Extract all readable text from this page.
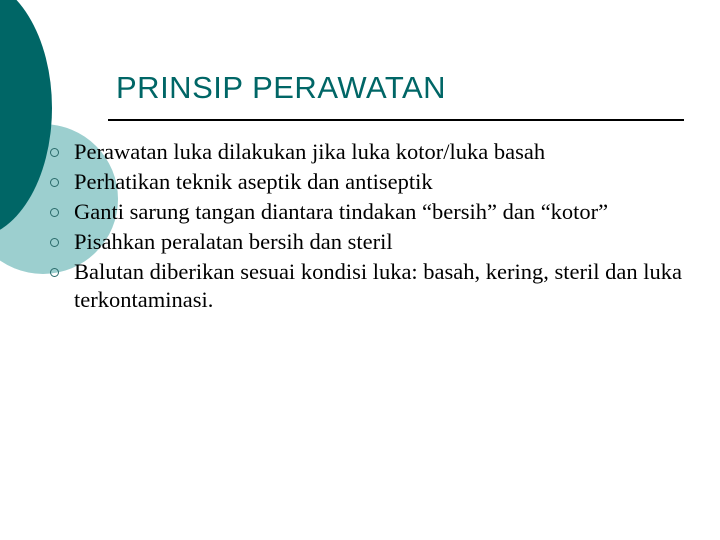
PRINSIP PERAWATAN
Perawatan luka dilakukan jika luka kotor/luka basah
Perhatikan teknik aseptik dan antiseptik
Ganti sarung tangan diantara tindakan “bersih” dan “kotor”
Pisahkan peralatan bersih dan steril
Balutan diberikan sesuai kondisi luka: basah, kering, steril dan luka terkontaminasi.
